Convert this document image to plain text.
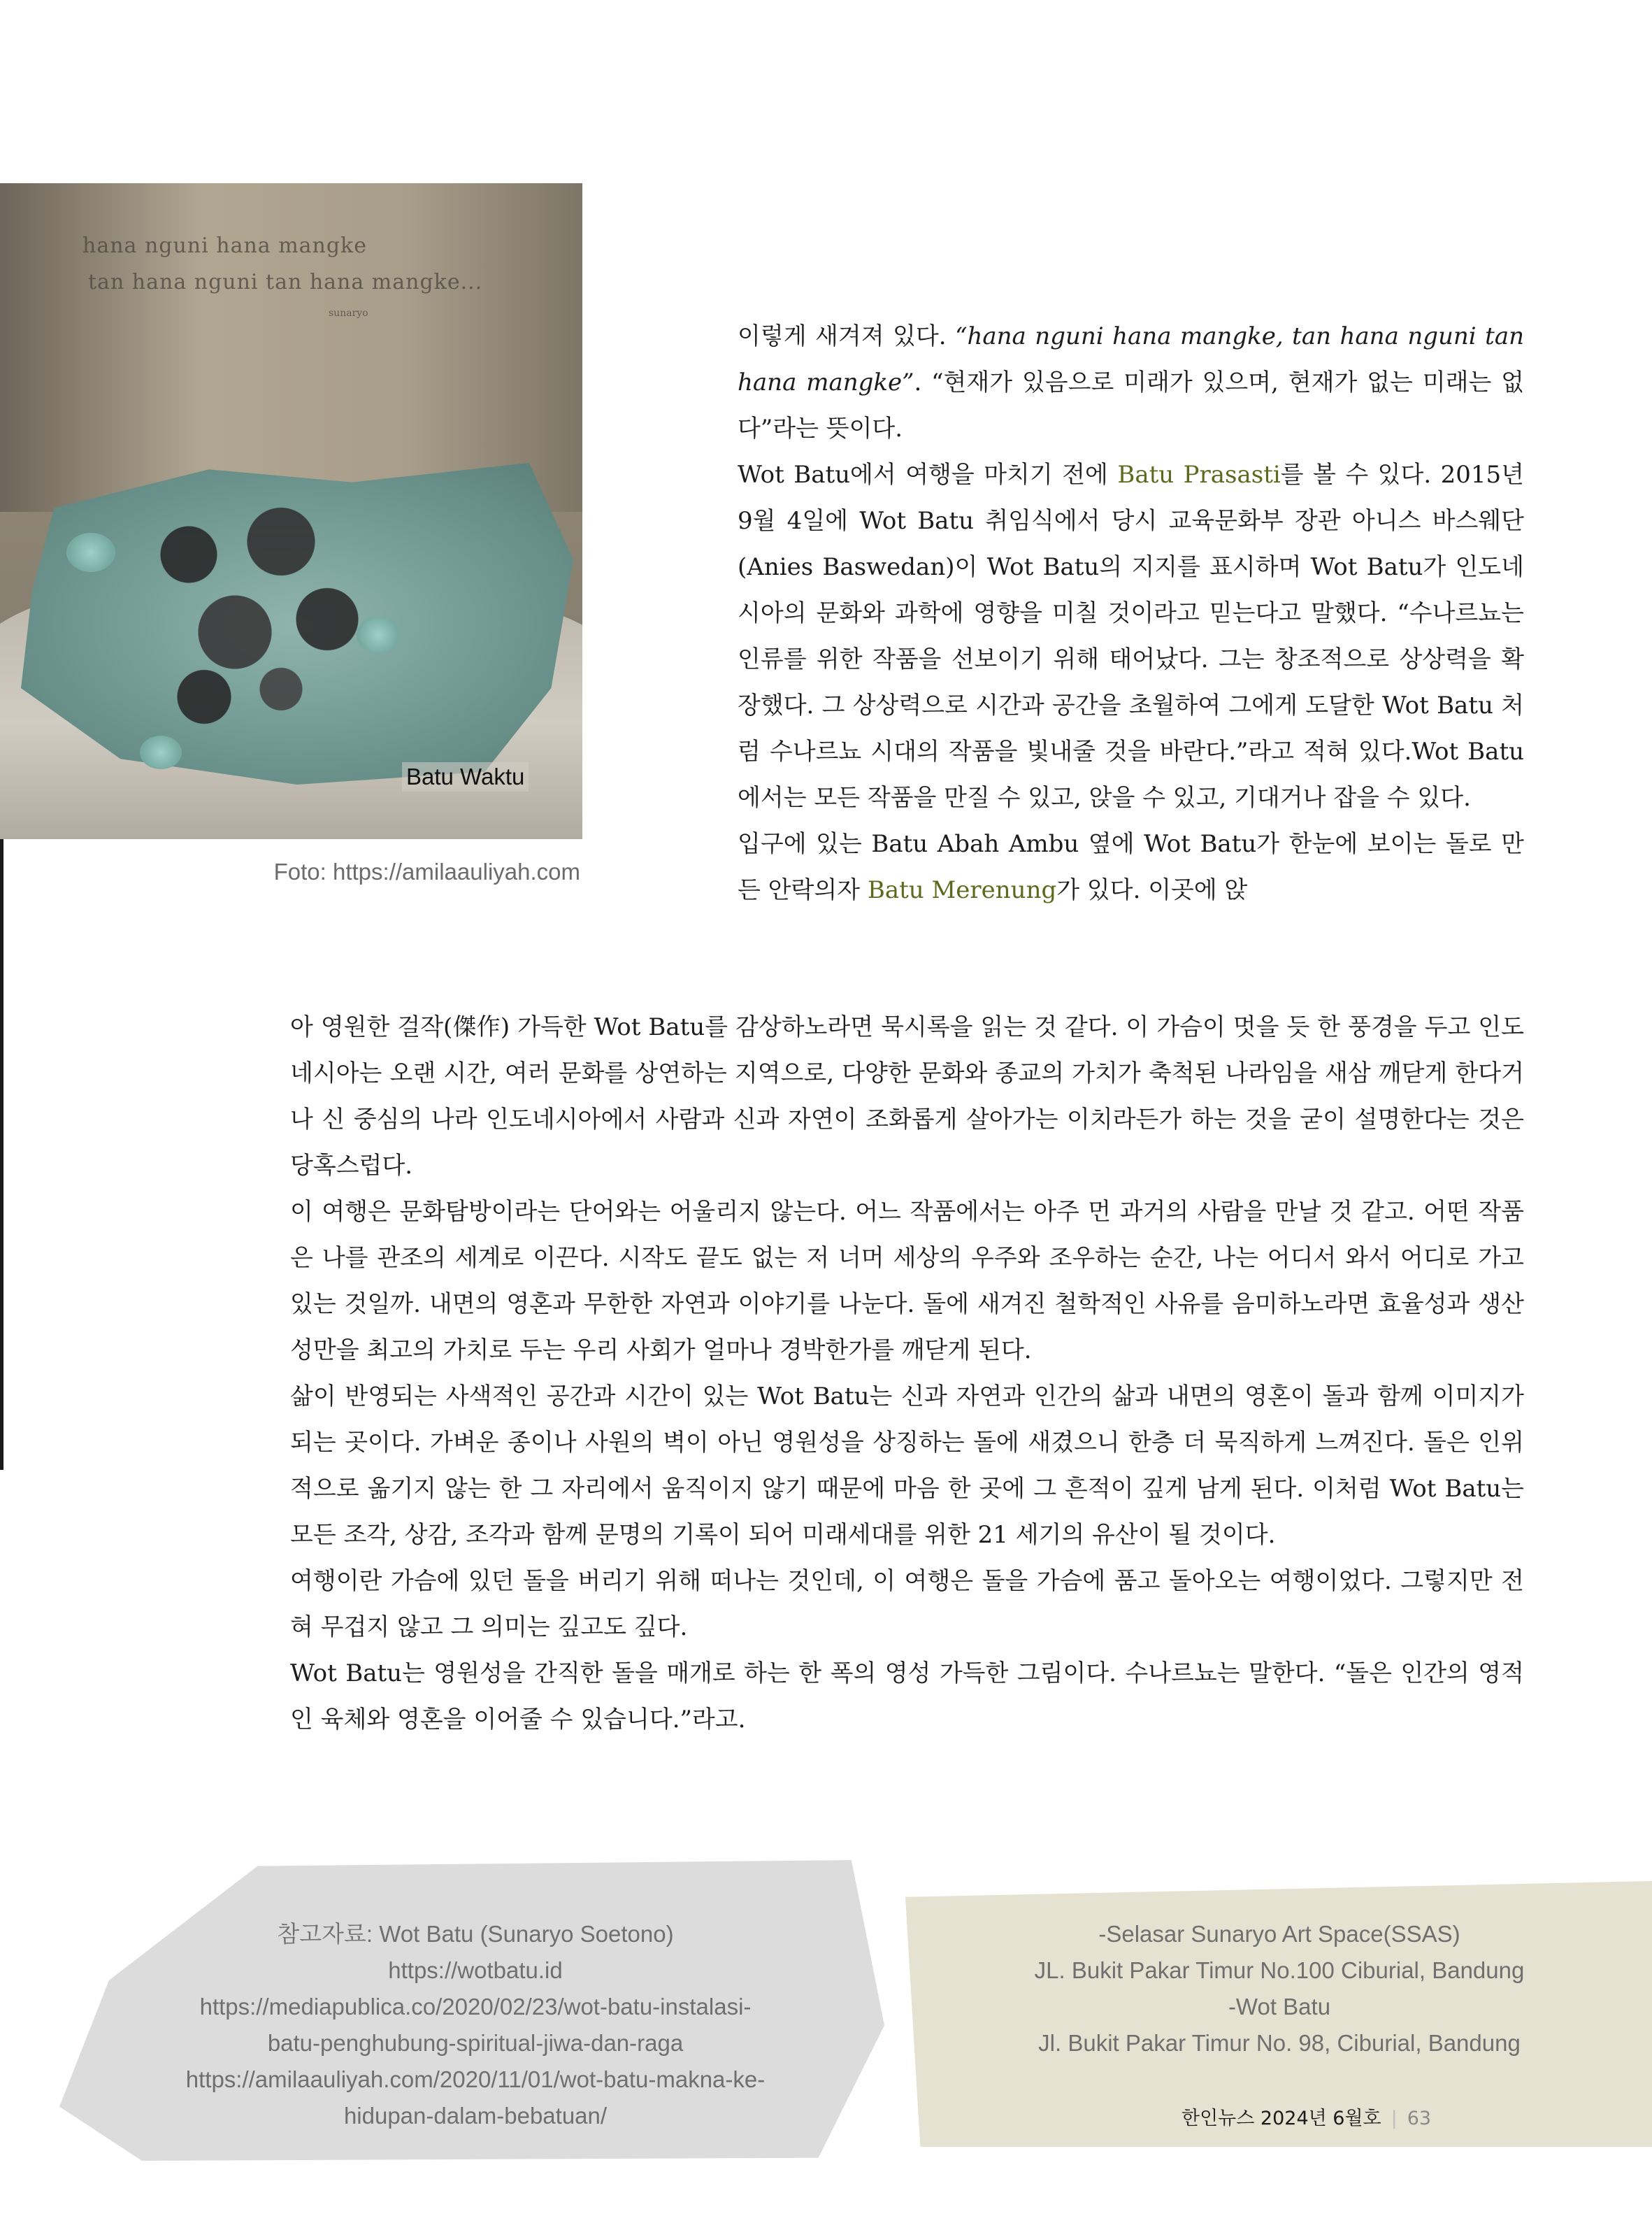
hana nguni hana mangke
tan hana nguni tan hana mangke...
sunaryo
Batu Waktu
Foto: https://amilaauliyah.com

이렇게 새겨져 있다. “hana nguni hana mangke, tan hana nguni tan hana mangke”. “현재가 있음으로 미래가 있으며, 현재가 없는 미래는 없다”라는 뜻이다.

Wot Batu에서 여행을 마치기 전에 Batu Prasasti를 볼 수 있다. 2015년 9월 4일에 Wot Batu 취임식에서 당시 교육문화부 장관 아니스 바스웨단(Anies Baswedan)이 Wot Batu의 지지를 표시하며 Wot Batu가 인도네시아의 문화와 과학에 영향을 미칠 것이라고 믿는다고 말했다. “수나르뇨는 인류를 위한 작품을 선보이기 위해 태어났다. 그는 창조적으로 상상력을 확장했다. 그 상상력으로 시간과 공간을 초월하여 그에게 도달한 Wot Batu 처럼 수나르뇨 시대의 작품을 빛내줄 것을 바란다.”라고 적혀 있다.Wot Batu에서는 모든 작품을 만질 수 있고, 앉을 수 있고, 기대거나 잡을 수 있다.

입구에 있는 Batu Abah Ambu 옆에 Wot Batu가 한눈에 보이는 돌로 만든 안락의자 Batu Merenung가 있다. 이곳에 앉

아 영원한 걸작(傑作) 가득한 Wot Batu를 감상하노라면 묵시록을 읽는 것 같다. 이 가슴이 멋을 듯 한 풍경을 두고 인도네시아는 오랜 시간, 여러 문화를 상연하는 지역으로, 다양한 문화와 종교의 가치가 축척된 나라임을 새삼 깨닫게 한다거나 신 중심의 나라 인도네시아에서 사람과 신과 자연이 조화롭게 살아가는 이치라든가 하는 것을 굳이 설명한다는 것은 당혹스럽다.

이 여행은 문화탐방이라는 단어와는 어울리지 않는다. 어느 작품에서는 아주 먼 과거의 사람을 만날 것 같고. 어떤 작품은 나를 관조의 세계로 이끈다. 시작도 끝도 없는 저 너머 세상의 우주와 조우하는 순간, 나는 어디서 와서 어디로 가고 있는 것일까. 내면의 영혼과 무한한 자연과 이야기를 나눈다. 돌에 새겨진 철학적인 사유를 음미하노라면 효율성과 생산성만을 최고의 가치로 두는 우리 사회가 얼마나 경박한가를 깨닫게 된다.

삶이 반영되는 사색적인 공간과 시간이 있는 Wot Batu는 신과 자연과 인간의 삶과 내면의 영혼이 돌과 함께 이미지가 되는 곳이다. 가벼운 종이나 사원의 벽이 아닌 영원성을 상징하는 돌에 새겼으니 한층 더 묵직하게 느껴진다. 돌은 인위적으로 옮기지 않는 한 그 자리에서 움직이지 않기 때문에 마음 한 곳에 그 흔적이 깊게 남게 된다. 이처럼 Wot Batu는 모든 조각, 상감, 조각과 함께 문명의 기록이 되어 미래세대를 위한 21 세기의 유산이 될 것이다.

여행이란 가슴에 있던 돌을 버리기 위해 떠나는 것인데, 이 여행은 돌을 가슴에 품고 돌아오는 여행이었다. 그렇지만 전혀 무겁지 않고 그 의미는 깊고도 깊다.

Wot Batu는 영원성을 간직한 돌을 매개로 하는 한 폭의 영성 가득한 그림이다. 수나르뇨는 말한다. “돌은 인간의 영적인 육체와 영혼을 이어줄 수 있습니다.”라고.

참고자료: Wot Batu (Sunaryo Soetono)
https://wotbatu.id
https://mediapublica.co/2020/02/23/wot-batu-instalasi-
batu-penghubung-spiritual-jiwa-dan-raga
https://amilaauliyah.com/2020/11/01/wot-batu-makna-ke-
hidupan-dalam-bebatuan/
-Selasar Sunaryo Art Space(SSAS)
JL. Bukit Pakar Timur No.100 Ciburial, Bandung
-Wot Batu
Jl. Bukit Pakar Timur No. 98, Ciburial, Bandung
한인뉴스 2024년 6월호 | 63
